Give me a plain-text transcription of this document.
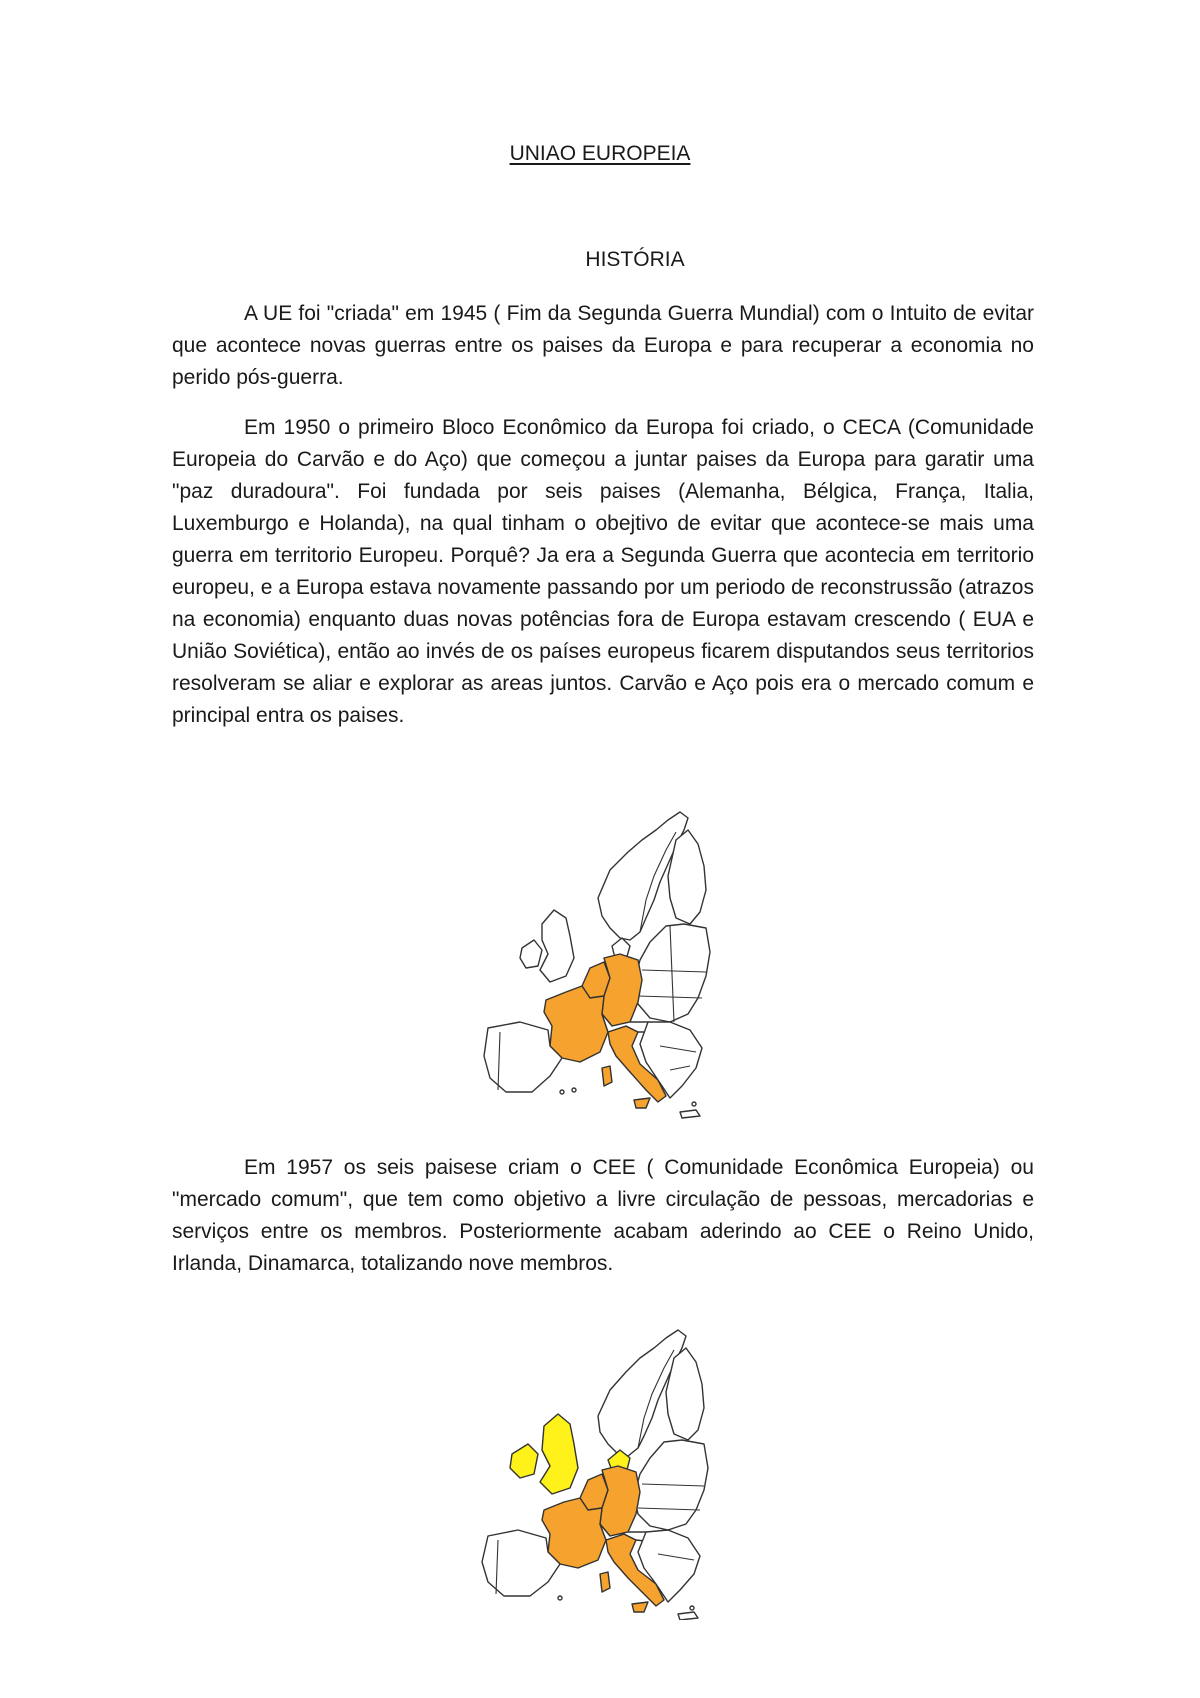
UNIAO EUROPEIA
HISTÓRIA

A UE foi "criada" em 1945 ( Fim da Segunda Guerra Mundial) com o Intuito de evitar que acontece novas guerras entre os paises da Europa e para recuperar a economia no perido pós-guerra.

Em 1950 o primeiro Bloco Econômico da Europa foi criado, o CECA (Comunidade Europeia do Carvão e do Aço) que começou a juntar paises da Europa para garatir uma "paz duradoura". Foi fundada por seis paises (Alemanha, Bélgica, França, Italia, Luxemburgo e Holanda), na qual tinham o obejtivo de evitar que acontece-se mais uma guerra em territorio Europeu. Porquê? Ja era a Segunda Guerra que acontecia em territorio europeu, e a Europa estava novamente passando por um periodo de reconstrussão (atrazos na economia) enquanto duas novas potências fora de Europa estavam crescendo ( EUA e União Soviética), então ao invés de os países europeus ficarem disputandos seus territorios resolveram se aliar e explorar as areas juntos. Carvão e Aço pois era o mercado comum e principal entra os paises.

Em 1957 os seis paisese criam o CEE ( Comunidade Econômica Europeia) ou "mercado comum", que tem como objetivo a livre circulação de pessoas, mercadorias e serviços entre os membros. Posteriormente acabam aderindo ao CEE o Reino Unido, Irlanda, Dinamarca, totalizando nove membros.
